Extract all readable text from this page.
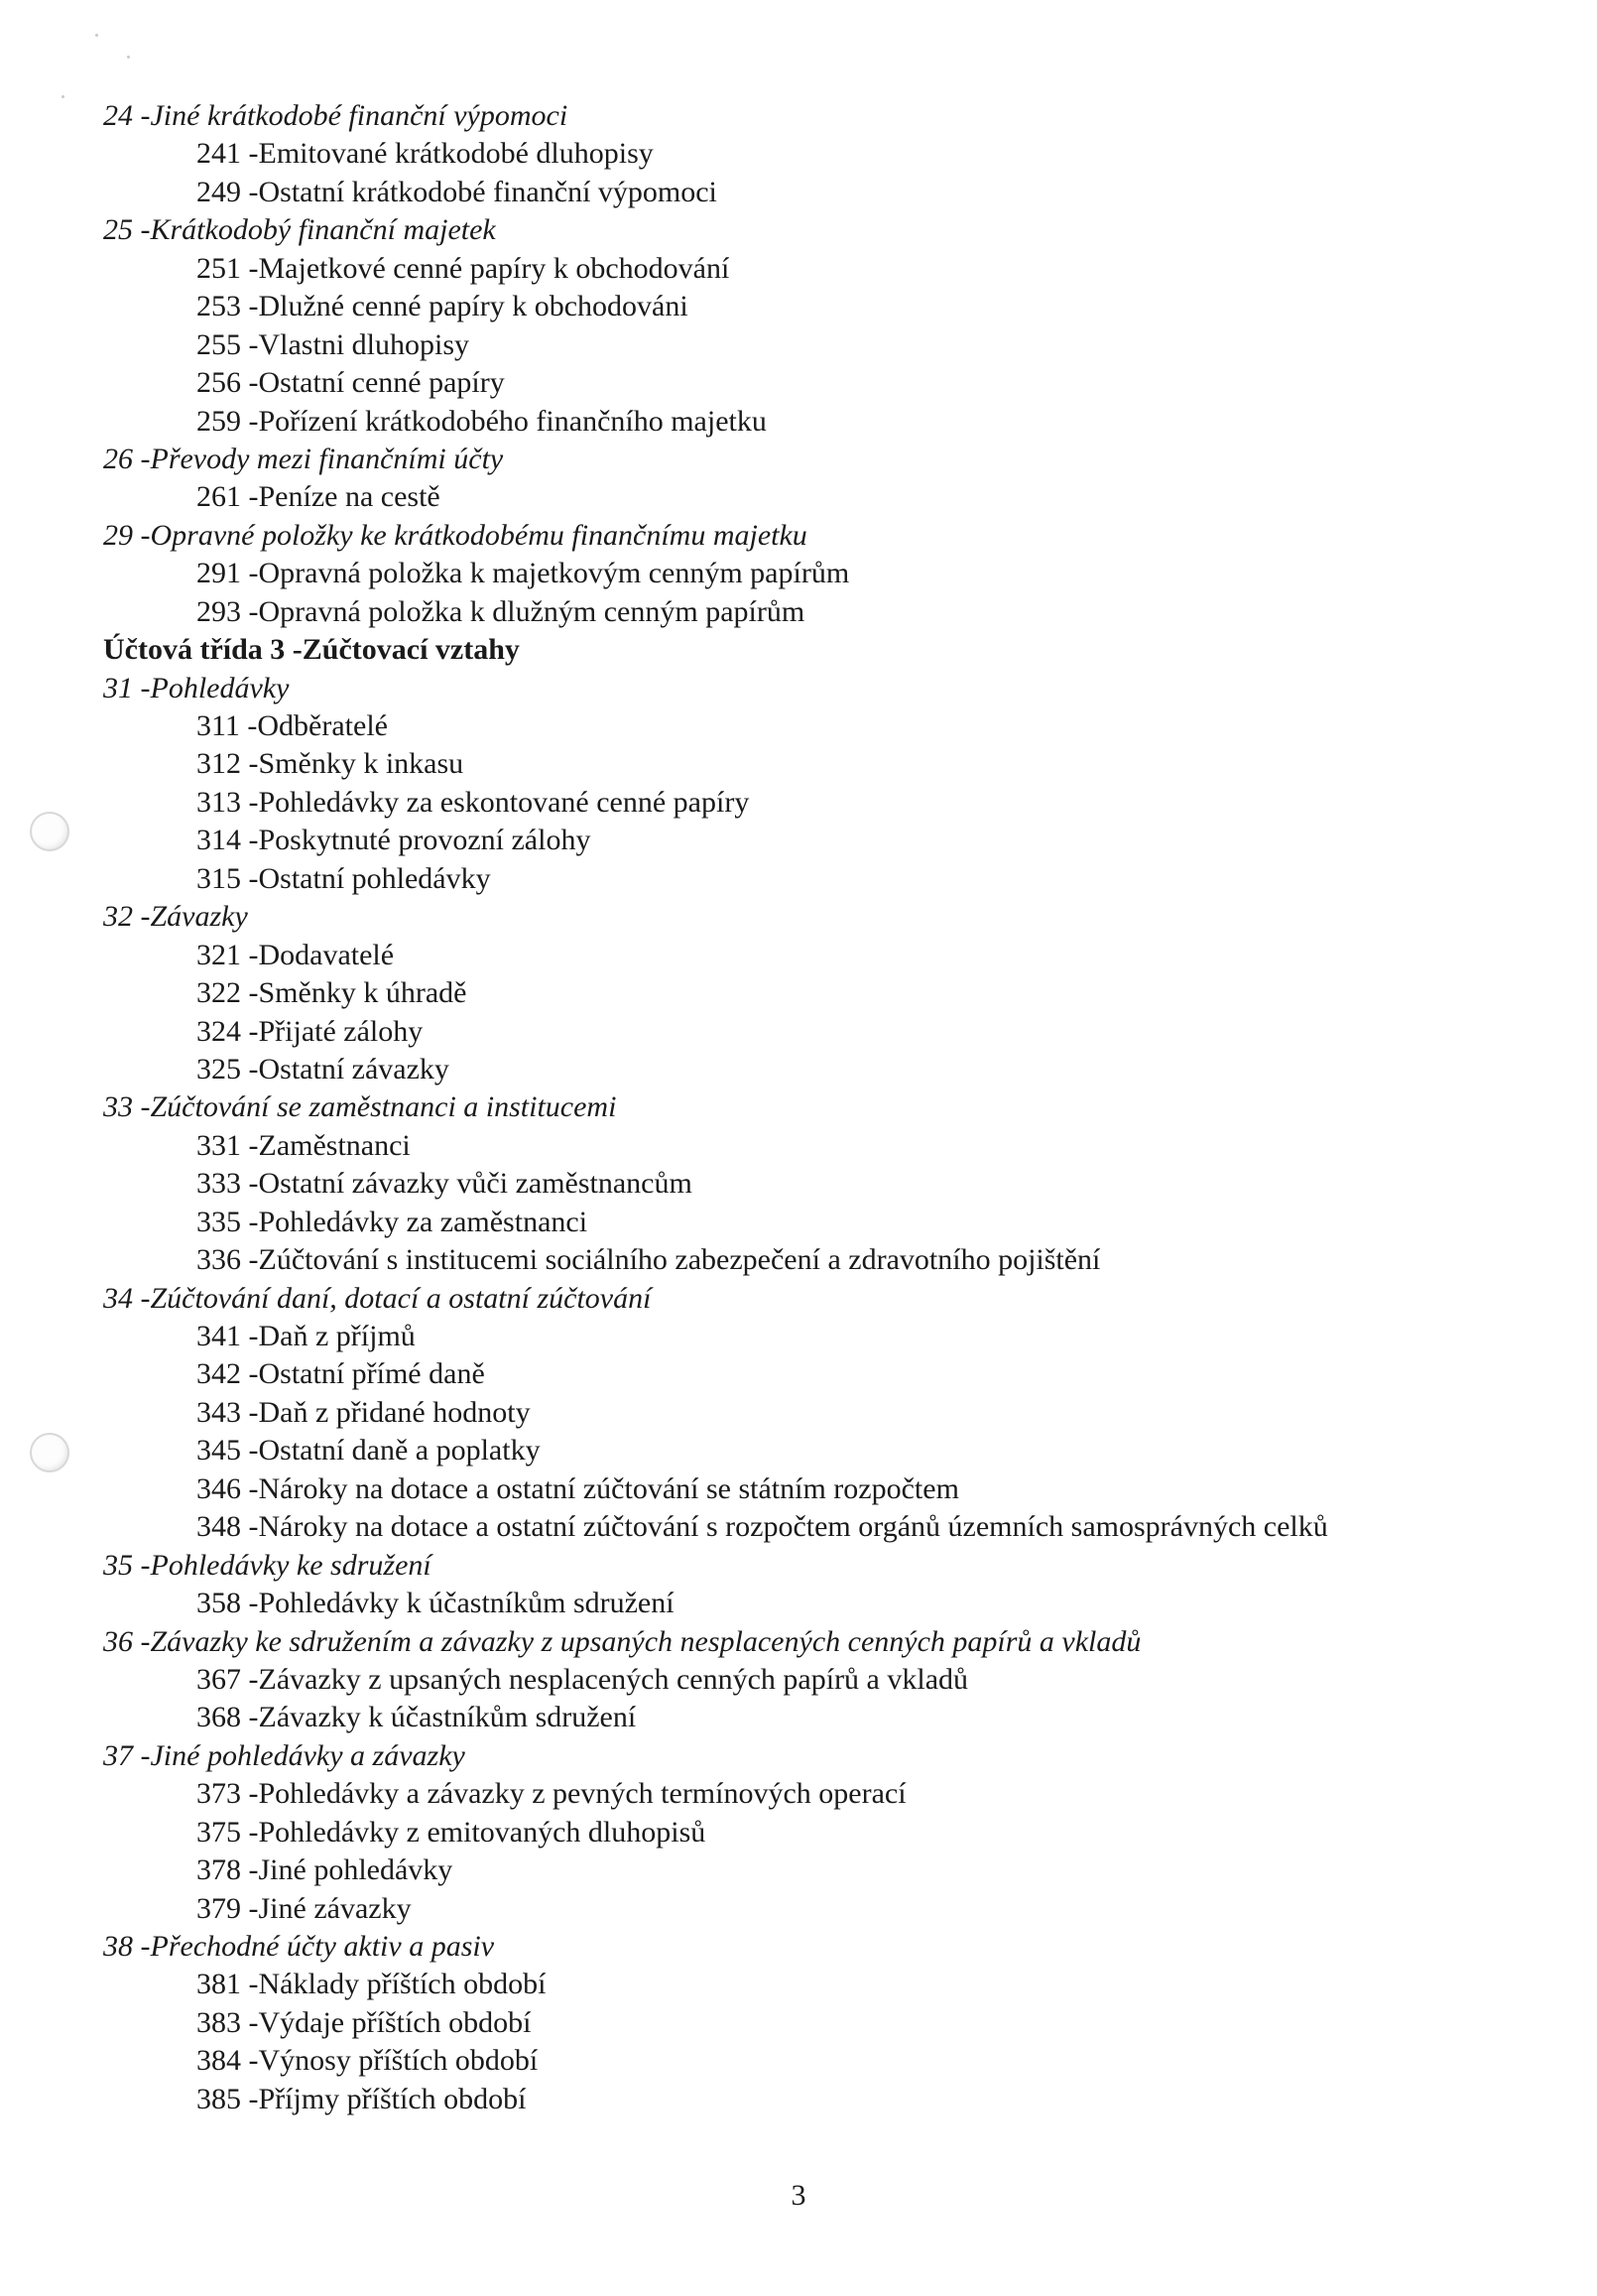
24 -Jiné krátkodobé finanční výpomoci
241 -Emitované krátkodobé dluhopisy
249 -Ostatní krátkodobé finanční výpomoci
25 -Krátkodobý finanční majetek
251 -Majetkové cenné papíry k obchodování
253 -Dlužné cenné papíry k obchodováni
255 -Vlastni dluhopisy
256 -Ostatní cenné papíry
259 -Pořízení krátkodobého finančního majetku
26 -Převody mezi finančními účty
261 -Peníze na cestě
29 -Opravné položky ke krátkodobému finančnímu majetku
291 -Opravná položka k majetkovým cenným papírům
293 -Opravná položka k dlužným cenným papírům
Účtová třída 3 -Zúčtovací vztahy
31 -Pohledávky
311 -Odběratelé
312 -Směnky k inkasu
313 -Pohledávky za eskontované cenné papíry
314 -Poskytnuté provozní zálohy
315 -Ostatní pohledávky
32 -Závazky
321 -Dodavatelé
322 -Směnky k úhradě
324 -Přijaté zálohy
325 -Ostatní závazky
33 -Zúčtování se zaměstnanci a institucemi
331 -Zaměstnanci
333 -Ostatní závazky vůči zaměstnancům
335 -Pohledávky za zaměstnanci
336 -Zúčtování s institucemi sociálního zabezpečení a zdravotního pojištění
34 -Zúčtování daní, dotací a ostatní zúčtování
341 -Daň z příjmů
342 -Ostatní přímé daně
343 -Daň z přidané hodnoty
345 -Ostatní daně a poplatky
346 -Nároky na dotace a ostatní zúčtování se státním rozpočtem
348 -Nároky na dotace a ostatní zúčtování s rozpočtem orgánů územních samosprávných celků
35 -Pohledávky ke sdružení
358 -Pohledávky k účastníkům sdružení
36 -Závazky ke sdružením a závazky z upsaných nesplacených cenných papírů a vkladů
367 -Závazky z upsaných nesplacených cenných papírů a vkladů
368 -Závazky k účastníkům sdružení
37 -Jiné pohledávky a závazky
373 -Pohledávky a závazky z pevných termínových operací
375 -Pohledávky z emitovaných dluhopisů
378 -Jiné pohledávky
379 -Jiné závazky
38 -Přechodné účty aktiv a pasiv
381 -Náklady příštích období
383 -Výdaje příštích období
384 -Výnosy příštích období
385 -Příjmy příštích období
3
